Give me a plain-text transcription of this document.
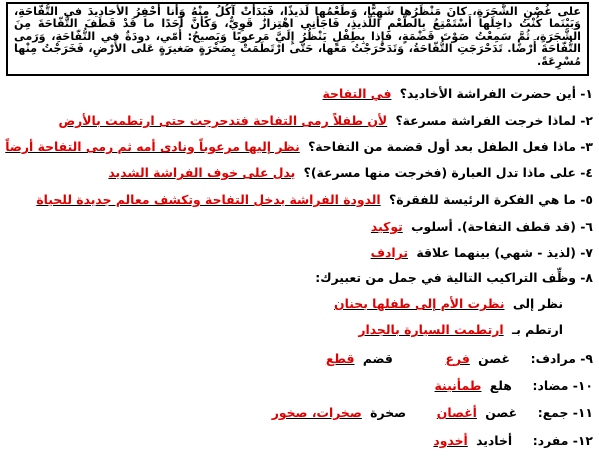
على غُصْنِ الشَّجَرَةِ، كانَ مَنْظَرُها شَهِيًّا، وَطَعْمُها لَذيذًا، فَبَدَأَتْ آكُلُ مِنْهُ وَأَنا أَحْفِرُ الأَخاديدَ في التُّفّاحَةِ، وَبَيْنَما كُنْتُ داخِلَها أَسْتَمْتِعُ بِالطَّعْمِ اللَّذيذِ، فَاجَأَنِي اهْتِزازٌ قَوِيٌّ، وَكَأَنَّ أَحَدًا ما قَدْ قَطَفَ التُّفّاحَةَ مِنَ الشَّجَرَةِ، ثُمَّ سَمِعْتُ صَوْتَ قَضْمَةٍ، فَإِذا بِطِفْلٍ يَنْظُرُ إِلَيَّ مَرعوبًا وَيَصيحُ: أُمّي، دودَةٌ في التُّفّاحَةِ، وَرَمى التُّفّاحَةَ أَرْضًا. تَدَحْرَجَتِ التُّفّاحَةُ، وَتَدَحْرَجْتُ مَعَها، حَتّى ارْتَطَمَتْ بِصَخْرَةٍ صَغيرَةٍ عَلى الأَرْضِ، فَخَرَجْتُ مِنْها مُسْرِعَةً.
١- أين حضرت الفراشة الأخاديد؟ في التفاحة
٢- لماذا خرجت الفراشة مسرعة؟ لأن طفلاً رمى التفاحة فتدحرجت حتى ارتطمت بالأرض
٣- ماذا فعل الطفل بعد أول قضمة من التفاحة؟ نظر إليها مرعوباً ونادى أمه ثم رمى التفاحة أرضاً
٤- على ماذا تدل العبارة (فخرجت منها مسرعة)؟ يدل على خوف الفراشة الشديد
٥- ما هي الفكرة الرئيسة للفقرة؟ الدودة الفراشة يدخل التفاحة وتكشف معالم جديدة للحياة
٦- (قد قطف التفاحة). أسلوب توكيد
٧- (لذيذ - شهي) بينهما علاقة ترادف
٨- وظِّف التراكيب التالية في جمل من تعبيرك:
نظر إلى نظرت الأم إلى طفلها بحنان
ارتطم بـ ارتطمت السيارة بالجدار
٩- مرادف:  غصن فرع  قضم قطع
١٠- مضاد:  هلع طمأنينة
١١- جمع:  غصن أغصان  صخرة صخرات، صخور
١٢- مفرد:  أخاديد أخدود
